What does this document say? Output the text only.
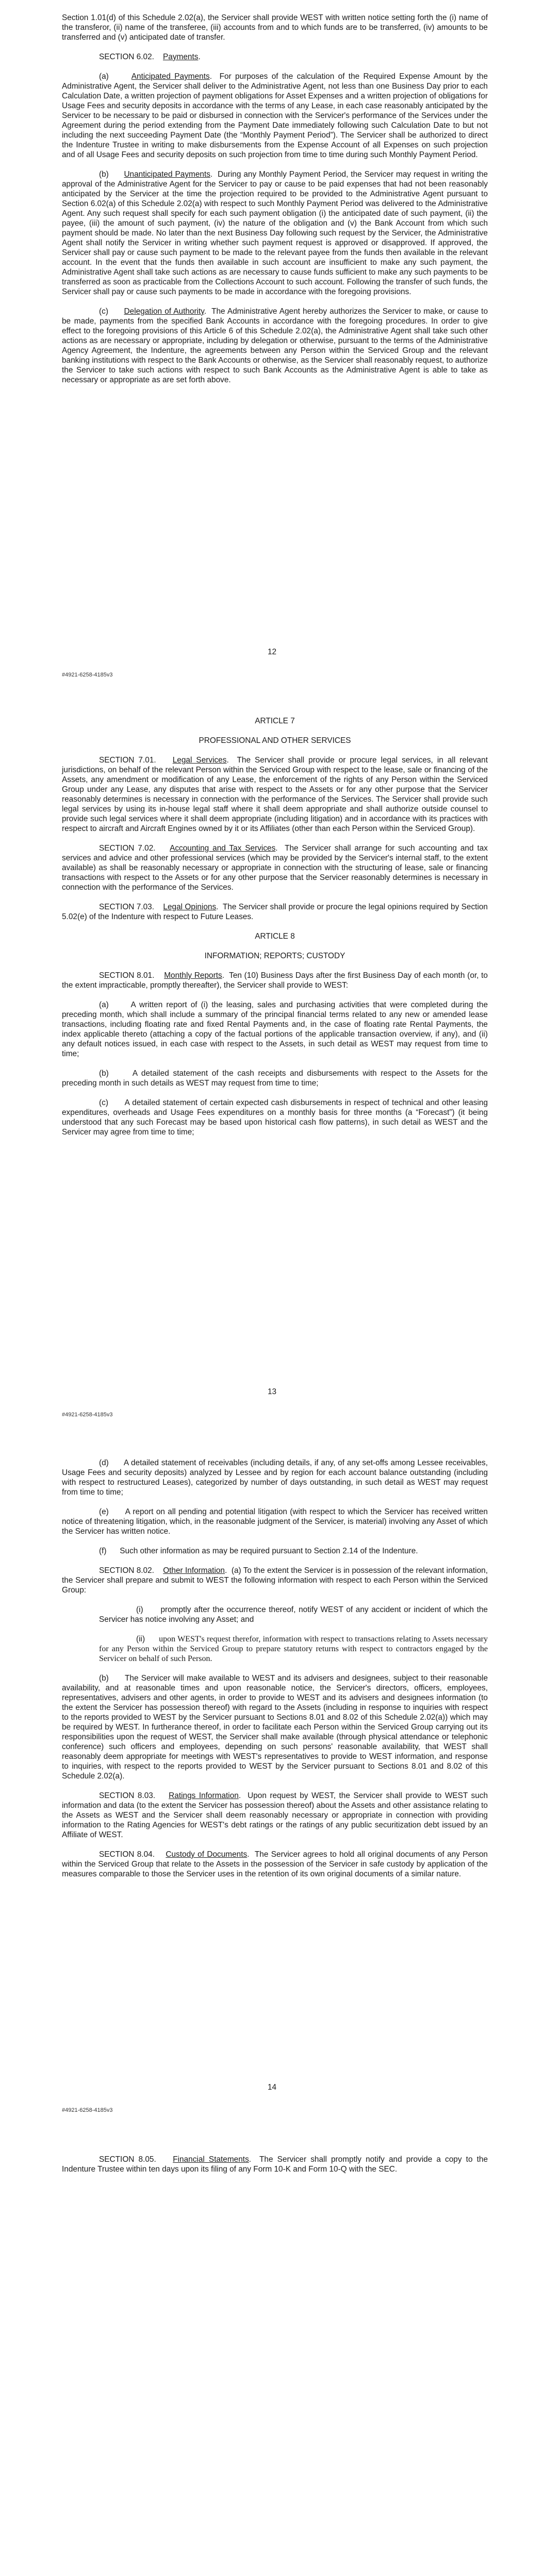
Section 1.01(d) of this Schedule 2.02(a), the Servicer shall provide WEST with written notice setting forth the (i) name of the transferor, (ii) name of the transferee, (iii) accounts from and to which funds are to be transferred, (iv) amounts to be transferred and (v) anticipated date of transfer.

SECTION 6.02. Payments.

(a)	Anticipated Payments.  For purposes of the calculation of the Required Expense Amount by the Administrative Agent, the Servicer shall deliver to the Administrative Agent, not less than one Business Day prior to each Calculation Date, a written projection of payment obligations for Asset Expenses and a written projection of obligations for Usage Fees and security deposits in accordance with the terms of any Lease, in each case reasonably anticipated by the Servicer to be necessary to be paid or disbursed in connection with the Servicer's performance of the Services under the Agreement during the period extending from the Payment Date immediately following such Calculation Date to but not including the next succeeding Payment Date (the “Monthly Payment Period”). The Servicer shall be authorized to direct the Indenture Trustee in writing to make disbursements from the Expense Account of all Expenses on such projection and of all Usage Fees and security deposits on such projection from time to time during such Monthly Payment Period.

(b) Unanticipated Payments.  During any Monthly Payment Period, the Servicer may request in writing the approval of the Administrative Agent for the Servicer to pay or cause to be paid expenses that had not been reasonably anticipated by the Servicer at the time the projection required to be provided to the Administrative Agent pursuant to Section 6.02(a) of this Schedule 2.02(a) with respect to such Monthly Payment Period was delivered to the Administrative Agent. Any such request shall specify for each such payment obligation (i) the anticipated date of such payment, (ii) the payee, (iii) the amount of such payment, (iv) the nature of the obligation and (v) the Bank Account from which such payment should be made. No later than the next Business Day following such request by the Servicer, the Administrative Agent shall notify the Servicer in writing whether such payment request is approved or disapproved. If approved, the Servicer shall pay or cause such payment to be made to the relevant payee from the funds then available in the relevant account. In the event that the funds then available in such account are insufficient to make any such payment, the Administrative Agent shall take such actions as are necessary to cause funds sufficient to make any such payments to be transferred as soon as practicable from the Collections Account to such account. Following the transfer of such funds, the Servicer shall pay or cause such payments to be made in accordance with the foregoing provisions.

(c) Delegation of Authority.  The Administrative Agent hereby authorizes the Servicer to make, or cause to be made, payments from the specified Bank Accounts in accordance with the foregoing procedures. In order to give effect to the foregoing provisions of this Article 6 of this Schedule 2.02(a), the Administrative Agent shall take such other actions as are necessary or appropriate, including by delegation or otherwise, pursuant to the terms of the Administrative Agency Agreement, the Indenture, the agreements between any Person within the Serviced Group and the relevant banking institutions with respect to the Bank Accounts or otherwise, as the Servicer shall reasonably request, to authorize the Servicer to take such actions with respect to such Bank Accounts as the Administrative Agent is able to take as necessary or appropriate as are set forth above.

12
#4921-6258-4185v3

ARTICLE 7

PROFESSIONAL AND OTHER SERVICES

SECTION 7.01. Legal Services.  The Servicer shall provide or procure legal services, in all relevant jurisdictions, on behalf of the relevant Person within the Serviced Group with respect to the lease, sale or financing of the Assets, any amendment or modification of any Lease, the enforcement of the rights of any Person within the Serviced Group under any Lease, any disputes that arise with respect to the Assets or for any other purpose that the Servicer reasonably determines is necessary in connection with the performance of the Services. The Servicer shall provide such legal services by using its in-house legal staff where it shall deem appropriate and shall authorize outside counsel to provide such legal services where it shall deem appropriate (including litigation) and in accordance with its practices with respect to aircraft and Aircraft Engines owned by it or its Affiliates (other than each Person within the Serviced Group).

SECTION 7.02. Accounting and Tax Services.  The Servicer shall arrange for such accounting and tax services and advice and other professional services (which may be provided by the Servicer's internal staff, to the extent available) as shall be reasonably necessary or appropriate in connection with the structuring of lease, sale or financing transactions with respect to the Assets or for any other purpose that the Servicer reasonably determines is necessary in connection with the performance of the Services.

SECTION 7.03. Legal Opinions.  The Servicer shall provide or procure the legal opinions required by Section 5.02(e) of the Indenture with respect to Future Leases.

ARTICLE 8

INFORMATION; REPORTS; CUSTODY

SECTION 8.01. Monthly Reports.  Ten (10) Business Days after the first Business Day of each month (or, to the extent impracticable, promptly thereafter), the Servicer shall provide to WEST:

(a)	A written report of (i) the leasing, sales and purchasing activities that were completed during the preceding month, which shall include a summary of the principal financial terms related to any new or amended lease transactions, including floating rate and fixed Rental Payments and, in the case of floating rate Rental Payments, the index applicable thereto (attaching a copy of the factual portions of the applicable transaction overview, if any), and (ii) any default notices issued, in each case with respect to the Assets, in such detail as WEST may request from time to time;

(b)	A detailed statement of the cash receipts and disbursements with respect to the Assets for the preceding month in such details as WEST may request from time to time;

(c) A detailed statement of certain expected cash disbursements in respect of technical and other leasing expenditures, overheads and Usage Fees expenditures on a monthly basis for three months (a “Forecast”) (it being understood that any such Forecast may be based upon historical cash flow patterns), in such detail as WEST and the Servicer may agree from time to time;

13
#4921-6258-4185v3

(d) A detailed statement of receivables (including details, if any, of any set-offs among Lessee receivables, Usage Fees and security deposits) analyzed by Lessee and by region for each account balance outstanding (including with respect to restructured Leases), categorized by number of days outstanding, in such detail as WEST may request from time to time;

(e) A report on all pending and potential litigation (with respect to which the Servicer has received written notice of threatening litigation, which, in the reasonable judgment of the Servicer, is material) involving any Asset of which the Servicer has written notice.

(f) Such other information as may be required pursuant to Section 2.14 of the Indenture.

SECTION 8.02. Other Information.  (a) To the extent the Servicer is in possession of the relevant information, the Servicer shall prepare and submit to WEST the following information with respect to each Person within the Serviced Group:

(i) promptly after the occurrence thereof, notify WEST of any accident or incident of which the Servicer has notice involving any Asset; and

(ii) upon WEST's request therefor, information with respect to transactions relating to Assets necessary for any Person within the Serviced Group to prepare statutory returns with respect to contractors engaged by the Servicer on behalf of such Person.

(b) The Servicer will make available to WEST and its advisers and designees, subject to their reasonable availability, and at reasonable times and upon reasonable notice, the Servicer's directors, officers, employees, representatives, advisers and other agents, in order to provide to WEST and its advisers and designees information (to the extent the Servicer has possession thereof) with regard to the Assets (including in response to inquiries with respect to the reports provided to WEST by the Servicer pursuant to Sections 8.01 and 8.02 of this Schedule 2.02(a)) which may be required by WEST. In furtherance thereof, in order to facilitate each Person within the Serviced Group carrying out its responsibilities upon the request of WEST, the Servicer shall make available (through physical attendance or telephonic conference) such officers and employees, depending on such persons' reasonable availability, that WEST shall reasonably deem appropriate for meetings with WEST's representatives to provide to WEST information, and response to inquiries, with respect to the reports provided to WEST by the Servicer pursuant to Sections 8.01 and 8.02 of this Schedule 2.02(a).

SECTION 8.03. Ratings Information.  Upon request by WEST, the Servicer shall provide to WEST such information and data (to the extent the Servicer has possession thereof) about the Assets and other assistance relating to the Assets as WEST and the Servicer shall deem reasonably necessary or appropriate in connection with providing information to the Rating Agencies for WEST's debt ratings or the ratings of any public securitization debt issued by an Affiliate of WEST.

SECTION 8.04. Custody of Documents.  The Servicer agrees to hold all original documents of any Person within the Serviced Group that relate to the Assets in the possession of the Servicer in safe custody by application of the measures comparable to those the Servicer uses in the retention of its own original documents of a similar nature.

14
#4921-6258-4185v3

SECTION 8.05. Financial Statements.  The Servicer shall promptly notify and provide a copy to the Indenture Trustee within ten days upon its filing of any Form 10-K and Form 10-Q with the SEC.
